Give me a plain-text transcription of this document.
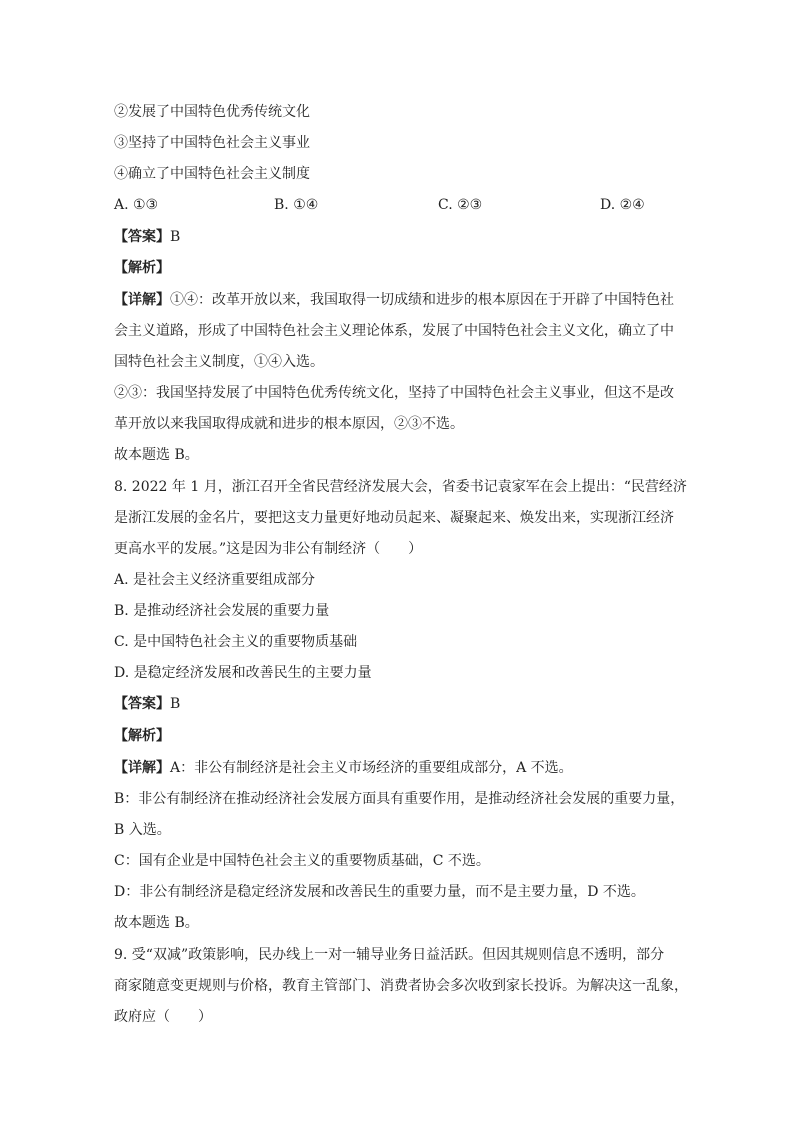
②发展了中国特色优秀传统文化
③坚持了中国特色社会主义事业
④确立了中国特色社会主义制度
A. ①③	B. ①④	C. ②③	D. ②④
【答案】B
【解析】
【详解】①④：改革开放以来，我国取得一切成绩和进步的根本原因在于开辟了中国特色社
会主义道路，形成了中国特色社会主义理论体系，发展了中国特色社会主义文化，确立了中
国特色社会主义制度，①④入选。
②③：我国坚持发展了中国特色优秀传统文化，坚持了中国特色社会主义事业，但这不是改
革开放以来我国取得成就和进步的根本原因，②③不选。
故本题选 B。
8. 2022 年 1 月，浙江召开全省民营经济发展大会，省委书记袁家军在会上提出：“民营经济
是浙江发展的金名片，要把这支力量更好地动员起来、凝聚起来、焕发出来，实现浙江经济
更高水平的发展。”这是因为非公有制经济（　　）
A. 是社会主义经济重要组成部分
B. 是推动经济社会发展的重要力量
C. 是中国特色社会主义的重要物质基础
D. 是稳定经济发展和改善民生的主要力量
【答案】B
【解析】
【详解】A：非公有制经济是社会主义市场经济的重要组成部分，A 不选。
B：非公有制经济在推动经济社会发展方面具有重要作用，是推动经济社会发展的重要力量，
B 入选。
C：国有企业是中国特色社会主义的重要物质基础，C 不选。
D：非公有制经济是稳定经济发展和改善民生的重要力量，而不是主要力量，D 不选。
故本题选 B。
9. 受“双减”政策影响，民办线上一对一辅导业务日益活跃。但因其规则信息不透明，部分
商家随意变更规则与价格，教育主管部门、消费者协会多次收到家长投诉。为解决这一乱象，
政府应（　　）
